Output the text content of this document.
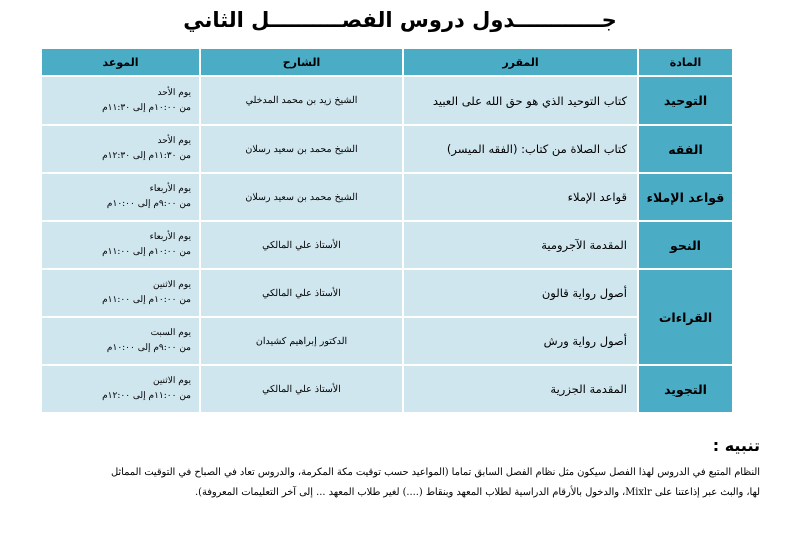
جــــــــــــدول دروس الفصــــــــــل الثاني
المادة	المقرر	الشارح	الموعد
التوحيد	كتاب التوحيد الذي هو حق الله على العبيد	الشيخ زيد بن محمد المدخلي	يوم الأحد
من ١٠:٠٠م إلى ١١:٣٠م

الفقه	كتاب الصلاة من كتاب: (الفقه الميسر)	الشيخ محمد بن سعيد رسلان	يوم الأحد
من ١١:٣٠م إلى ١٢:٣٠م

قواعد الإملاء	قواعد الإملاء	الشيخ محمد بن سعيد رسلان	يوم الأربعاء
من ٩:٠٠م إلى ١٠:٠٠م

النحو	المقدمة الآجرومية	الأستاذ علي المالكي	يوم الأربعاء
من ١٠:٠٠م إلى ١١:٠٠م

القراءات	أصول رواية قالون	الأستاذ علي المالكي	يوم الاثنين
من ١٠:٠٠م إلى ١١:٠٠م

	أصول رواية ورش	الدكتور إبراهيم كشيدان	يوم السبت
من ٩:٠٠م إلى ١٠:٠٠م

التجويد	المقدمة الجزرية	الأستاذ علي المالكي	يوم الاثنين
من ١١:٠٠م إلى ١٢:٠٠م
تنبيه :
النظام المتبع في الدروس لهذا الفصل سيكون مثل نظام الفصل السابق تماما (المواعيد حسب توقيت مكة المكرمة، والدروس تعاد في الصباح في التوقيت المماثل
لها، والبث عبر إذاعتنا على Mixlr، والدخول بالأرقام الدراسية لطلاب المعهد وبنقاط (....) لغير طلاب المعهد ... إلى آخر التعليمات المعروفة).
